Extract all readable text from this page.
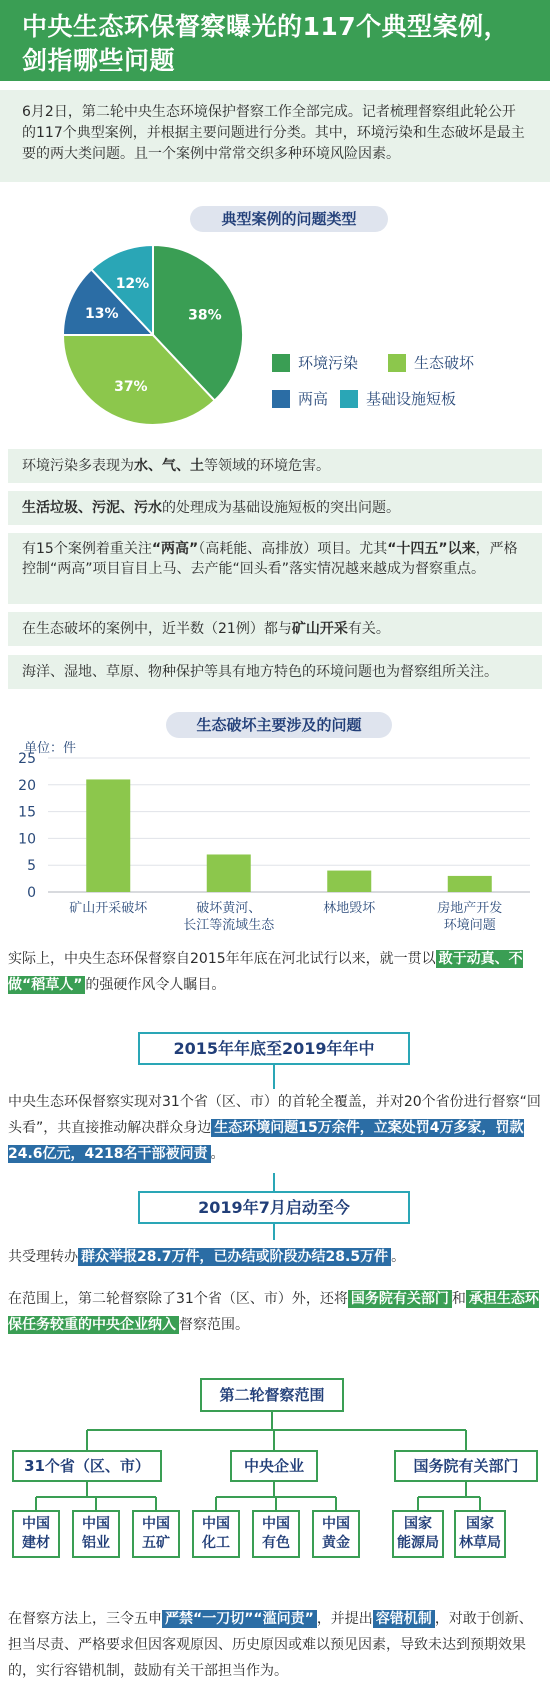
中央生态环保督察曝光的117个典型案例，
剑指哪些问题
6月2日，第二轮中央生态环境保护督察工作全部完成。记者梳理督察组此轮公开的117个典型案例，并根据主要问题进行分类。其中，环境污染和生态破坏是最主要的两大类问题。且一个案例中常常交织多种环境风险因素。
典型案例的问题类型
38%
37%
13%
12%
环境污染	生态破坏
两高	基础设施短板
环境污染多表现为水、气、土等领域的环境危害。
生活垃圾、污泥、污水的处理成为基础设施短板的突出问题。
有15个案例着重关注“两高”（高耗能、高排放）项目。尤其“十四五”以来，严格控制“两高”项目盲目上马、去产能“回头看”落实情况越来越成为督察重点。
在生态破坏的案例中，近半数（21例）都与矿山开采有关。
海洋、湿地、草原、物种保护等具有地方特色的环境问题也为督察组所关注。
生态破坏主要涉及的问题
单位：件
0
5
10
15
20
25
矿山开采破坏	破坏黄河、长江等流域生态
林地毁坏	房地产开发环境问题
实际上，中央生态环保督察自2015年年底在河北试行以来，就一贯以 敢于动真、不做“稻草人” 的强硬作风令人瞩目。
2015年年底至2019年年中
中央生态环保督察实现对31个省（区、市）的首轮全覆盖，并对20个省份进行督察“回头看”，共直接推动解决群众身边 生态环境问题15万余件，立案处罚4万多家，罚款24.6亿元，4218名干部被问责 。
2019年7月启动至今
共受理转办 群众举报28.7万件，已办结或阶段办结28.5万件 。
在范围上，第二轮督察除了31个省（区、市）外，还将 国务院有关部门 和 承担生态环保任务较重的中央企业纳入 督察范围。
第二轮督察范围
31个省（区、市）	中央企业	国务院有关部门
中国
建材
中国
铝业
中国
五矿
中国
化工
中国
有色
中国
黄金
国家
能源局
国家
林草局
在督察方法上，三令五申 严禁“一刀切”“滥问责” ，并提出 容错机制 ，对敢于创新、担当尽责、严格要求但因客观原因、历史原因或难以预见因素，导致未达到预期效果的，实行容错机制，鼓励有关干部担当作为。
